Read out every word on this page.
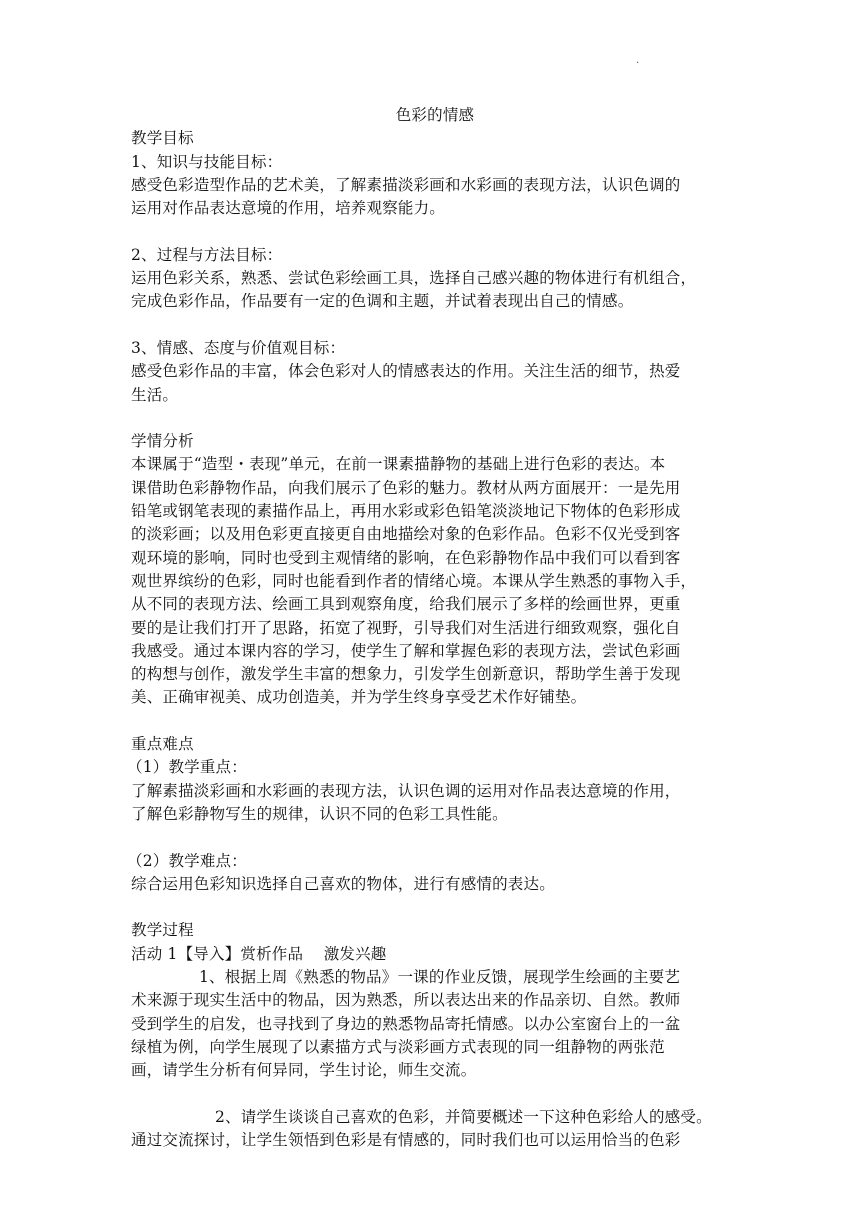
.

色彩的情感

教学目标

1、知识与技能目标：

感受色彩造型作品的艺术美，了解素描淡彩画和水彩画的表现方法，认识色调的

运用对作品表达意境的作用，培养观察能力。

2、过程与方法目标：

运用色彩关系，熟悉、尝试色彩绘画工具，选择自己感兴趣的物体进行有机组合，

完成色彩作品，作品要有一定的色调和主题，并试着表现出自己的情感。

3、情感、态度与价值观目标：

感受色彩作品的丰富，体会色彩对人的情感表达的作用。关注生活的细节，热爱

生活。

学情分析

本课属于“造型・表现”单元，在前一课素描静物的基础上进行色彩的表达。本

课借助色彩静物作品，向我们展示了色彩的魅力。教材从两方面展开：一是先用

铅笔或钢笔表现的素描作品上，再用水彩或彩色铅笔淡淡地记下物体的色彩形成

的淡彩画；以及用色彩更直接更自由地描绘对象的色彩作品。色彩不仅光受到客

观环境的影响，同时也受到主观情绪的影响，在色彩静物作品中我们可以看到客

观世界缤纷的色彩，同时也能看到作者的情绪心境。本课从学生熟悉的事物入手，

从不同的表现方法、绘画工具到观察角度，给我们展示了多样的绘画世界，更重

要的是让我们打开了思路，拓宽了视野，引导我们对生活进行细致观察，强化自

我感受。通过本课内容的学习，使学生了解和掌握色彩的表现方法，尝试色彩画

的构想与创作，激发学生丰富的想象力，引发学生创新意识，帮助学生善于发现

美、正确审视美、成功创造美，并为学生终身享受艺术作好铺垫。

重点难点

（1）教学重点：

了解素描淡彩画和水彩画的表现方法，认识色调的运用对作品表达意境的作用，

了解色彩静物写生的规律，认识不同的色彩工具性能。

（2）教学难点：

综合运用色彩知识选择自己喜欢的物体，进行有感情的表达。

教学过程

活动 1【导入】赏析作品    激发兴趣

1、根据上周《熟悉的物品》一课的作业反馈，展现学生绘画的主要艺

术来源于现实生活中的物品，因为熟悉，所以表达出来的作品亲切、自然。教师

受到学生的启发，也寻找到了身边的熟悉物品寄托情感。以办公室窗台上的一盆

绿植为例，向学生展现了以素描方式与淡彩画方式表现的同一组静物的两张范

画，请学生分析有何异同，学生讨论，师生交流。

2、请学生谈谈自己喜欢的色彩，并简要概述一下这种色彩给人的感受。

通过交流探讨，让学生领悟到色彩是有情感的，同时我们也可以运用恰当的色彩
